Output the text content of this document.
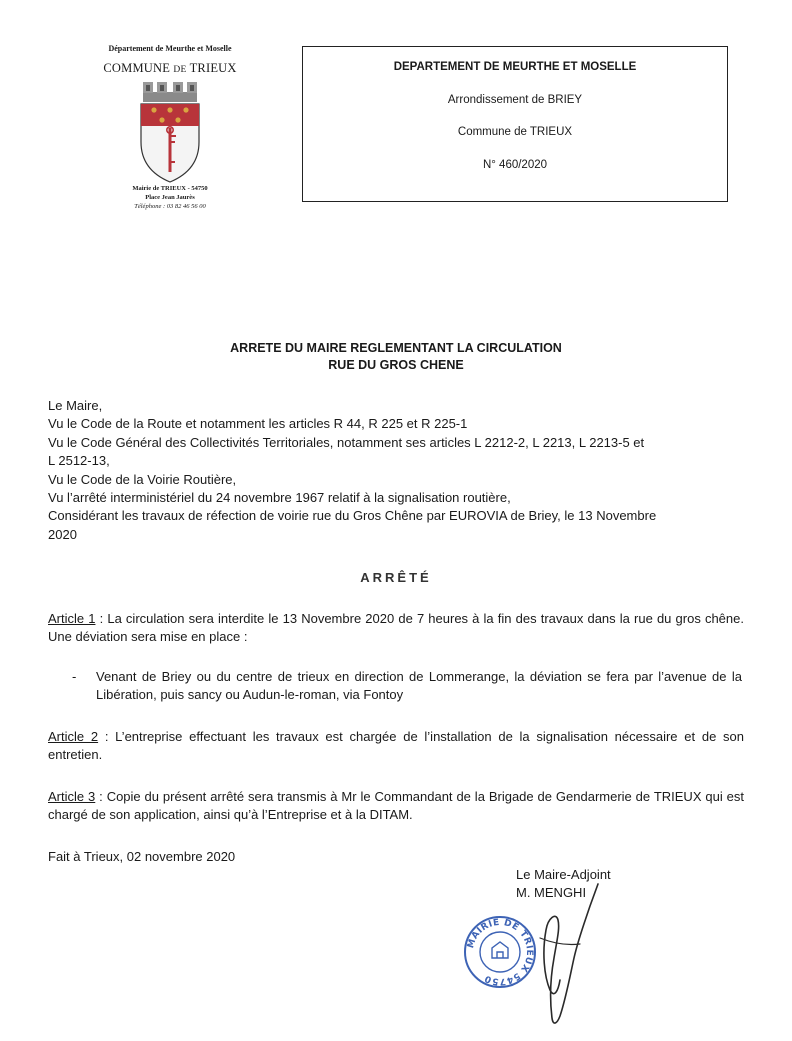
Département de Meurthe et Moselle
COMMUNE DE TRIEUX
Mairie de TRIEUX - 54750
Place Jean Jaurès
Téléphone : 03 82 46 56 00
DEPARTEMENT DE MEURTHE ET MOSELLE
Arrondissement de BRIEY
Commune de TRIEUX
N° 460/2020
ARRETE DU MAIRE REGLEMENTANT LA CIRCULATION
RUE DU GROS CHENE
Le Maire,
Vu le Code de la Route et notamment les articles R 44, R 225 et R 225-1
Vu le Code Général des Collectivités Territoriales, notamment ses articles L 2212-2, L 2213, L 2213-5 et
L 2512-13,
Vu le Code de la Voirie Routière,
Vu l’arrêté interministériel du 24 novembre 1967 relatif à la signalisation routière,
Considérant les travaux de réfection de voirie rue du Gros Chêne par EUROVIA de Briey, le 13 Novembre
2020
ARRÊTÉ
Article 1 : La circulation sera interdite le 13 Novembre 2020 de 7 heures à la fin des travaux dans la rue du gros chêne. Une déviation sera mise en place :
- Venant de Briey ou du centre de trieux en direction de Lommerange, la déviation se fera par l’avenue de la Libération, puis sancy ou Audun-le-roman, via Fontoy
Article 2 : L’entreprise effectuant les travaux est chargée de l’installation de la signalisation nécessaire et de son entretien.
Article 3 : Copie du présent arrêté sera transmis à Mr le Commandant de la Brigade de Gendarmerie de TRIEUX qui est chargé de son application, ainsi qu’à l’Entreprise et à la DITAM.
Fait à Trieux, 02 novembre 2020
Le Maire-Adjoint
M. MENGHI
MAIRIE DE TRIEUX 54750
